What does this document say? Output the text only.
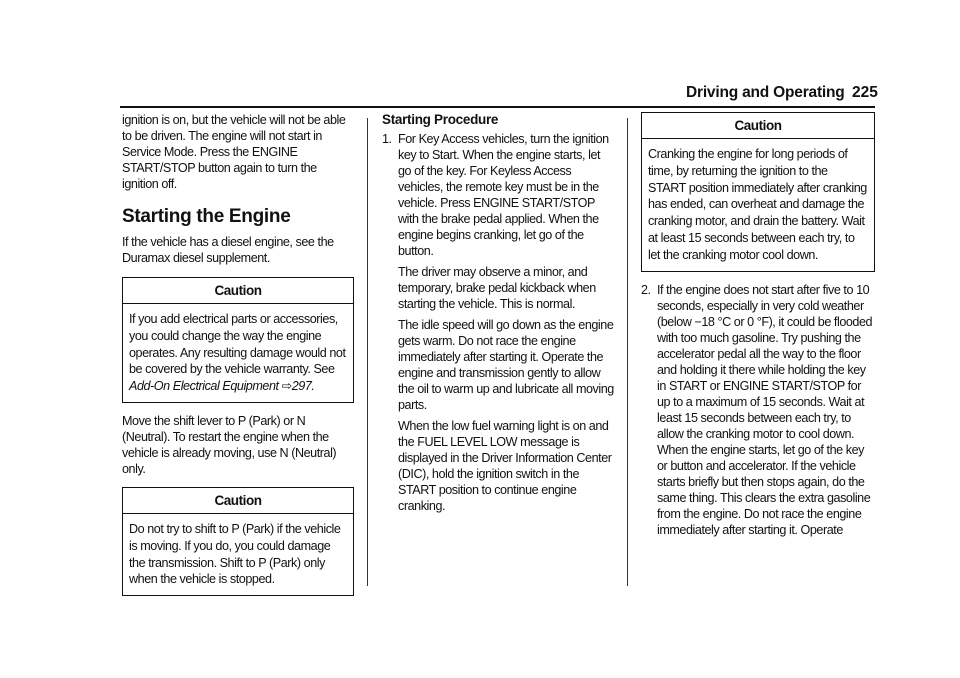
Driving and Operating 225

ignition is on, but the vehicle will not be able to be driven. The engine will not start in Service Mode. Press the ENGINE START/STOP button again to turn the ignition off.

Starting the Engine

If the vehicle has a diesel engine, see the Duramax diesel supplement.

Caution
If you add electrical parts or accessories, you could change the way the engine operates. Any resulting damage would not be covered by the vehicle warranty. See Add-On Electrical Equipment ⇨297.

Move the shift lever to P (Park) or N (Neutral). To restart the engine when the vehicle is already moving, use N (Neutral) only.

Caution
Do not try to shift to P (Park) if the vehicle is moving. If you do, you could damage the transmission. Shift to P (Park) only when the vehicle is stopped.
Starting Procedure
1. For Key Access vehicles, turn the ignition key to Start. When the engine starts, let go of the key. For Keyless Access vehicles, the remote key must be in the vehicle. Press ENGINE START/STOP with the brake pedal applied. When the engine begins cranking, let go of the button.

The driver may observe a minor, and temporary, brake pedal kickback when starting the vehicle. This is normal.

The idle speed will go down as the engine gets warm. Do not race the engine immediately after starting it. Operate the engine and transmission gently to allow the oil to warm up and lubricate all moving parts.

When the low fuel warning light is on and the FUEL LEVEL LOW message is displayed in the Driver Information Center (DIC), hold the ignition switch in the START position to continue engine cranking.

Caution
Cranking the engine for long periods of time, by returning the ignition to the START position immediately after cranking has ended, can overheat and damage the cranking motor, and drain the battery. Wait at least 15 seconds between each try, to let the cranking motor cool down.
2. If the engine does not start after five to 10 seconds, especially in very cold weather (below −18 °C or 0 °F), it could be flooded with too much gasoline. Try pushing the accelerator pedal all the way to the floor and holding it there while holding the key in START or ENGINE START/STOP for up to a maximum of 15 seconds. Wait at least 15 seconds between each try, to allow the cranking motor to cool down. When the engine starts, let go of the key or button and accelerator. If the vehicle starts briefly but then stops again, do the same thing. This clears the extra gasoline from the engine. Do not race the engine immediately after starting it. Operate
